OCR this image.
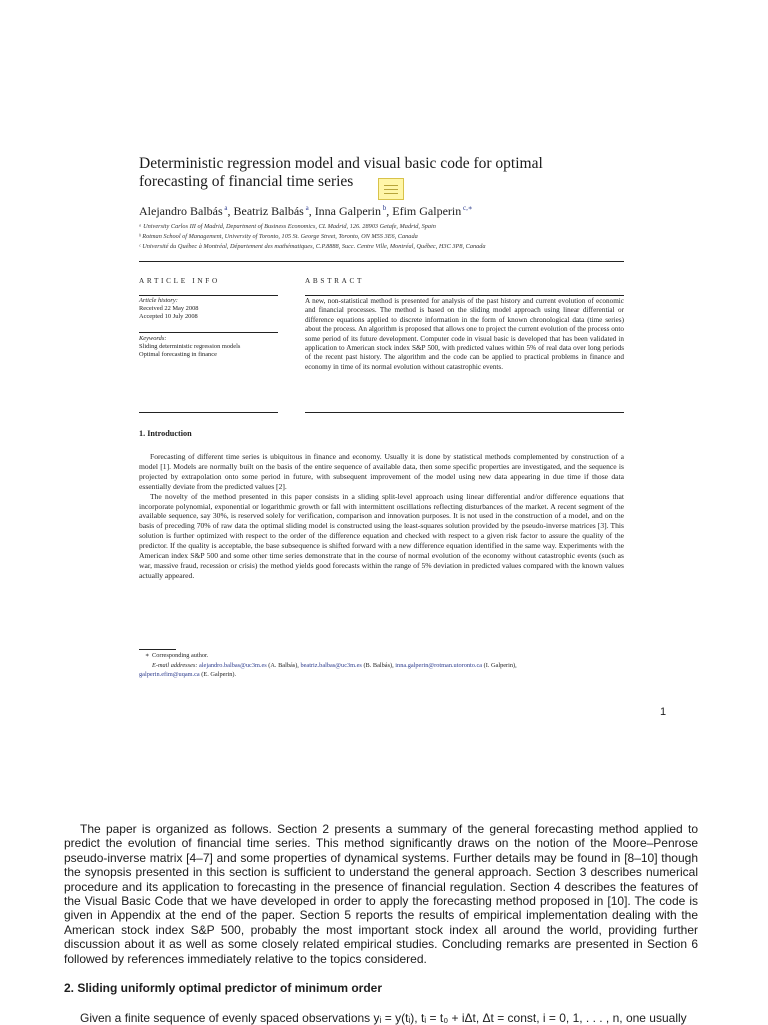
Deterministic regression model and visual basic code for optimal
forecasting of financial time series
Alejandro Balbás $^a$, Beatriz Balbás $^a$, Inna Galperin $^b$, Efim Galperin $^{c,∗}$
ᵃ University Carlos III of Madrid, Department of Business Economics, CL Madrid, 126. 28903 Getafe, Madrid, Spain
ᵇ Rotman School of Management, University of Toronto, 105 St. George Street, Toronto, ON M5S 3E6, Canada
ᶜ Université du Québec à Montréal, Département des mathématiques, C.P.8888, Succ. Centre Ville, Montréal, Québec, H3C 3P8, Canada
ARTICLE INFO	ABSTRACT
Article history:
Received 22 May 2008
Accepted 10 July 2008
Keywords:
Sliding deterministic regression models
Optimal forecasting in finance
A new, non-statistical method is presented for analysis of the past history and current evolution of economic and financial processes. The method is based on the sliding model approach using linear differential or difference equations applied to discrete information in the form of known chronological data (time series) about the process. An algorithm is proposed that allows one to project the current evolution of the process onto some period of its future development. Computer code in visual basic is developed that has been validated in application to American stock index S&P 500, with predicted values within 5% of real data over long periods of the recent past history. The algorithm and the code can be applied to practical problems in finance and economy in time of its normal evolution without catastrophic events.
1. Introduction

Forecasting of different time series is ubiquitous in finance and economy. Usually it is done by statistical methods complemented by construction of a model [1]. Models are normally built on the basis of the entire sequence of available data, then some specific properties are investigated, and the sequence is projected by extrapolation onto some period in future, with subsequent improvement of the model using new data appearing in due time if those data essentially deviate from the predicted values [2].

The novelty of the method presented in this paper consists in a sliding split-level approach using linear differential and/or difference equations that incorporate polynomial, exponential or logarithmic growth or fall with intermittent oscillations reflecting disturbances of the market. A recent segment of the available sequence, say 30%, is reserved solely for verification, comparison and innovation purposes. It is not used in the construction of a model, and on the basis of preceding 70% of raw data the optimal sliding model is constructed using the least-squares solution provided by the pseudo-inverse matrices [3]. This solution is further optimized with respect to the order of the difference equation and checked with respect to a given risk factor to assure the quality of the predictor. If the quality is acceptable, the base subsequence is shifted forward with a new difference equation identified in the same way. Experiments with the American index S&P 500 and some other time series demonstrate that in the course of normal evolution of the economy without catastrophic events (such as war, massive fraud, recession or crisis) the method yields good forecasts within the range of 5% deviation in predicted values compared with the known values actually appeared.

∗ Corresponding author.
E-mail addresses: alejandro.balbas@uc3m.es (A. Balbás), beatriz.balbas@uc3m.es (B. Balbás), inna.galperin@rotman.utoronto.ca (I. Galperin),
galperin.efim@uqam.ca (E. Galperin).
1

The paper is organized as follows. Section 2 presents a summary of the general forecasting method applied to predict the evolution of financial time series. This method significantly draws on the notion of the Moore–Penrose pseudo-inverse matrix [4–7] and some properties of dynamical systems. Further details may be found in [8–10] though the synopsis presented in this section is sufficient to understand the general approach. Section 3 describes numerical procedure and its application to forecasting in the presence of financial regulation. Section 4 describes the features of the Visual Basic Code that we have developed in order to apply the forecasting method proposed in [10]. The code is given in Appendix at the end of the paper. Section 5 reports the results of empirical implementation dealing with the American stock index S&P 500, probably the most important stock index all around the world, providing further discussion about it as well as some closely related empirical studies. Concluding remarks are presented in Section 6 followed by references immediately relative to the topics considered.

2. Sliding uniformly optimal predictor of minimum order
Given a finite sequence of evenly spaced observations yᵢ = y(tᵢ), tᵢ = t₀ + iΔt, Δt = const, i = 0, 1, . . . , n, one usually
